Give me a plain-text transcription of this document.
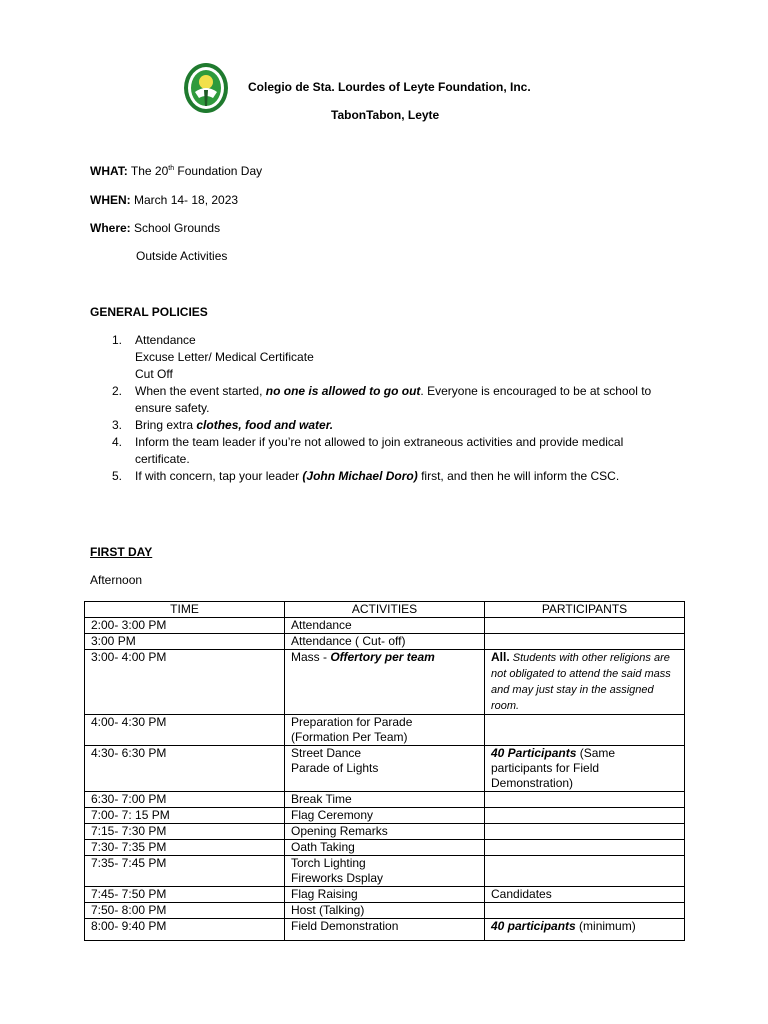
Colegio de Sta. Lourdes of Leyte Foundation, Inc.
TabonTabon, Leyte
WHAT: The 20th Foundation Day
WHEN: March 14- 18, 2023
Where: School Grounds
Outside Activities
GENERAL POLICIES
1. Attendance
Excuse Letter/ Medical Certificate
Cut Off
2. When the event started, no one is allowed to go out. Everyone is encouraged to be at school to ensure safety.
3. Bring extra clothes, food and water.
4. Inform the team leader if you’re not allowed to join extraneous activities and provide medical certificate.
5. If with concern, tap your leader (John Michael Doro) first, and then he will inform the CSC.
FIRST DAY
Afternoon
TIME	ACTIVITIES	PARTICIPANTS
2:00- 3:00 PM	Attendance	
3:00 PM	Attendance ( Cut- off)	
3:00- 4:00 PM	Mass - Offertory per team	All. Students with other religions are not obligated to attend the said mass and may just stay in the assigned room.
4:00- 4:30 PM	Preparation for Parade
(Formation Per Team)	

4:30- 6:30 PM	Street Dance
Parade of Lights	40 Participants (Same participants for Field Demonstration)
6:30- 7:00 PM	Break Time	
7:00- 7: 15 PM	Flag Ceremony	
7:15- 7:30 PM	Opening Remarks	
7:30- 7:35 PM	Oath Taking	
7:35- 7:45 PM	Torch Lighting
Fireworks Dsplay	

7:45- 7:50 PM	Flag Raising	Candidates
7:50- 8:00 PM	Host (Talking)	
8:00- 9:40 PM	Field Demonstration	40 participants (minimum)
